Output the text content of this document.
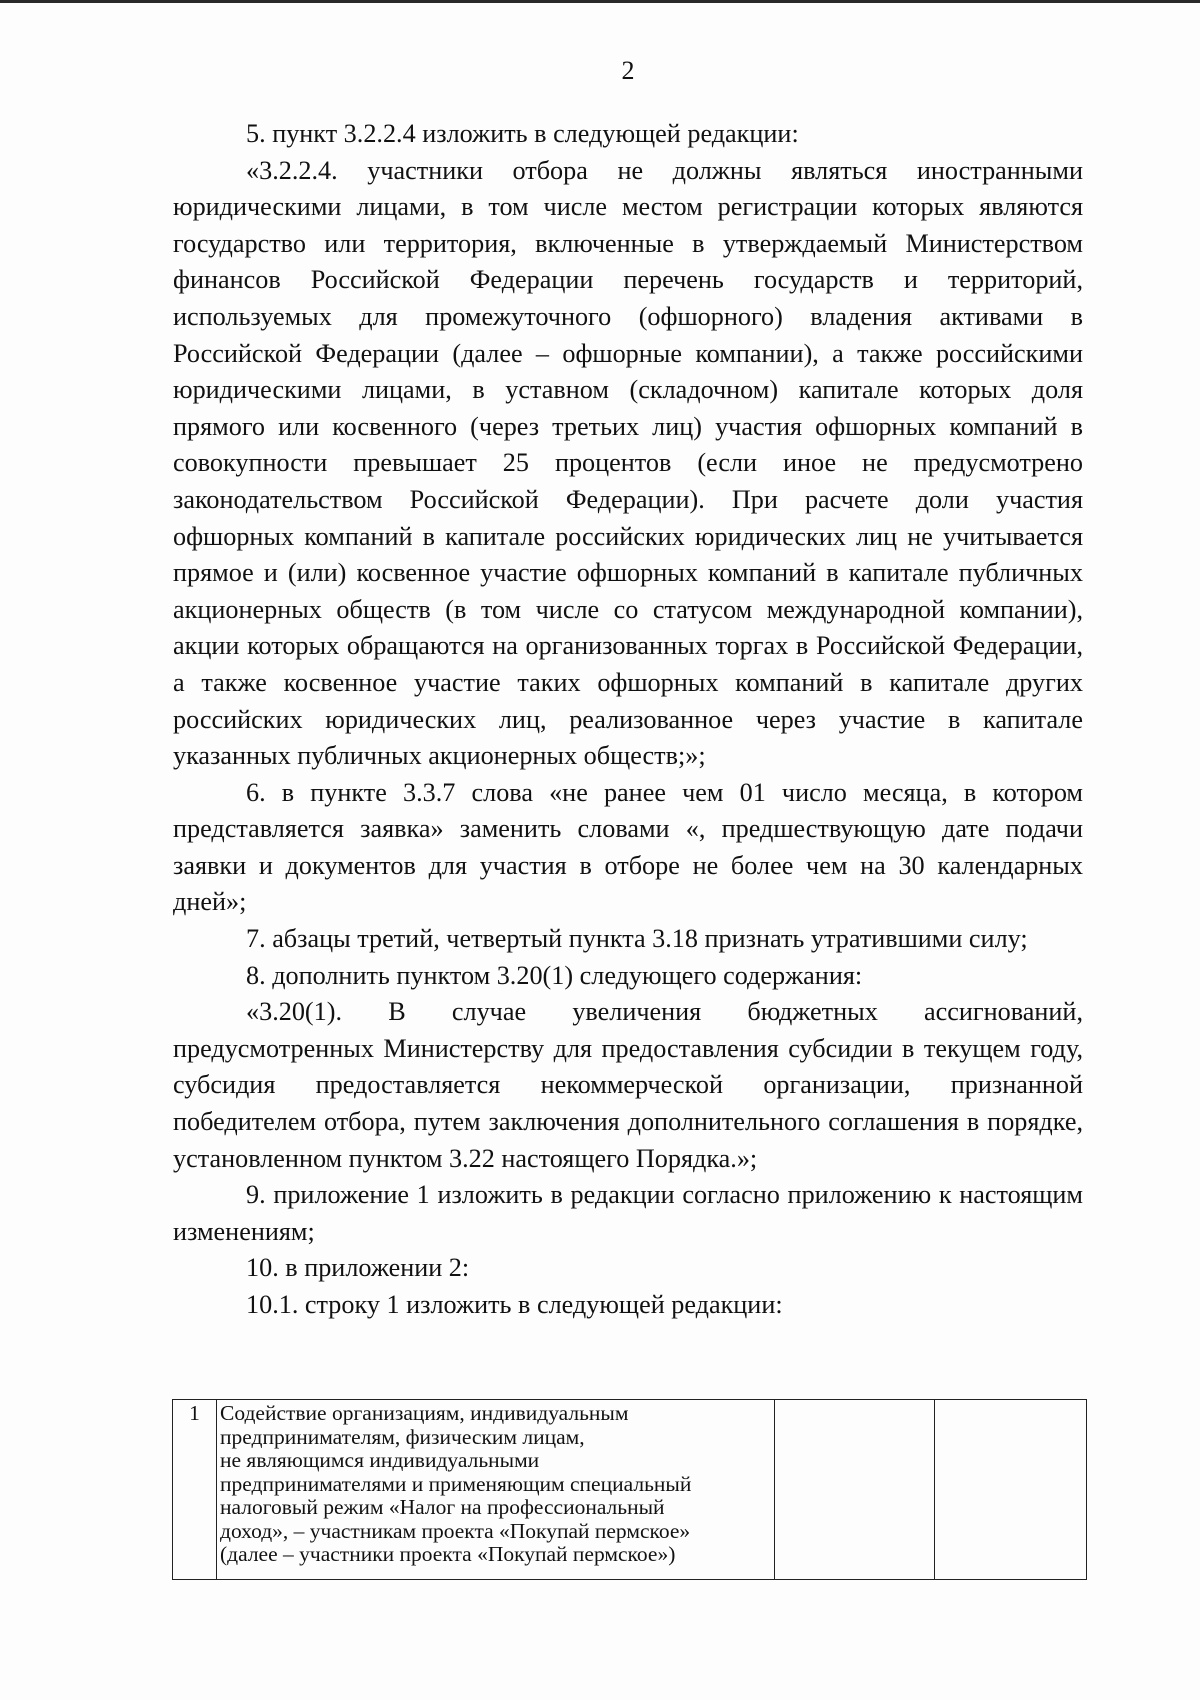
2

5. пункт 3.2.2.4 изложить в следующей редакции:

«3.2.2.4. участники отбора не должны являться иностранными юридическими лицами, в том числе местом регистрации которых являются государство или территория, включенные в утверждаемый Министерством финансов Российской Федерации перечень государств и территорий, используемых для промежуточного (офшорного) владения активами в Российской Федерации (далее – офшорные компании), а также российскими юридическими лицами, в уставном (складочном) капитале которых доля прямого или косвенного (через третьих лиц) участия офшорных компаний в совокупности превышает 25 процентов (если иное не предусмотрено законодательством Российской Федерации). При расчете доли участия офшорных компаний в капитале российских юридических лиц не учитывается прямое и (или) косвенное участие офшорных компаний в капитале публичных акционерных обществ (в том числе со статусом международной компании), акции которых обращаются на организованных торгах в Российской Федерации, а также косвенное участие таких офшорных компаний в капитале других российских юридических лиц, реализованное через участие в капитале указанных публичных акционерных обществ;»;

6. в пункте 3.3.7 слова «не ранее чем 01 число месяца, в котором представляется заявка» заменить словами «, предшествующую дате подачи заявки и документов для участия в отборе не более чем на 30 календарных дней»;

7. абзацы третий, четвертый пункта 3.18 признать утратившими силу;

8. дополнить пунктом 3.20(1) следующего содержания:

«3.20(1). В случае увеличения бюджетных ассигнований, предусмотренных Министерству для предоставления субсидии в текущем году, субсидия предоставляется некоммерческой организации, признанной победителем отбора, путем заключения дополнительного соглашения в порядке, установленном пунктом 3.22 настоящего Порядка.»;

9. приложение 1 изложить в редакции согласно приложению к настоящим изменениям;

10. в приложении 2:

10.1. строку 1 изложить в следующей редакции:

1	Содействие организациям, индивидуальным
предпринимателям, физическим лицам,
не являющимся индивидуальными
предпринимателями и применяющим специальный
налоговый режим «Налог на профессиональный
доход», – участникам проекта «Покупай пермское»
(далее – участники проекта «Покупай пермское»)
